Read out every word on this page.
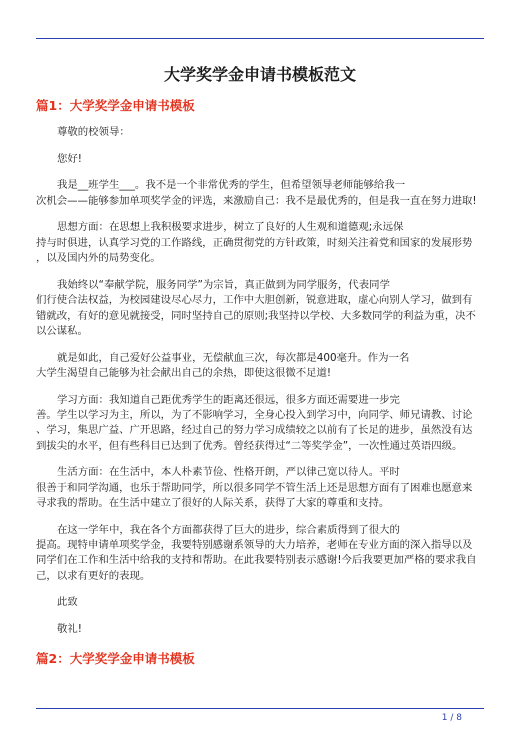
大学奖学金申请书模板范文
篇1：大学奖学金申请书模板
尊敬的校领导：
您好!
我是__班学生___。我不是一个非常优秀的学生，但希望领导老师能够给我一
次机会——能够参加单项奖学金的评选，来激励自己：我不是最优秀的，但是我一直在努力进取!
思想方面：在思想上我积极要求进步，树立了良好的人生观和道德观;永远保
持与时俱进，认真学习党的工作路线，正确贯彻党的方针政策，时刻关注着党和国家的发展形势
，以及国内外的局势变化。
我始终以“奉献学院，服务同学”为宗旨，真正做到为同学服务，代表同学
们行使合法权益，为校园建设尽心尽力，工作中大胆创新，锐意进取，虚心向别人学习，做到有
错就改，有好的意见就接受，同时坚持自己的原则;我坚持以学校、大多数同学的利益为重，决不
以公谋私。
就是如此，自己爱好公益事业，无偿献血三次，每次都是400毫升。作为一名
大学生渴望自己能够为社会献出自己的余热，即使这很微不足道!
学习方面：我知道自己距优秀学生的距离还很远，很多方面还需要进一步完
善。学生以学习为主，所以，为了不影响学习，全身心投入到学习中，向同学、师兄请教、讨论
、学习，集思广益、广开思路，经过自己的努力学习成绩较之以前有了长足的进步，虽然没有达
到拔尖的水平，但有些科目已达到了优秀。曾经获得过“二等奖学金”，一次性通过英语四级。
生活方面：在生活中，本人朴素节俭、性格开朗，严以律己宽以待人。平时
很善于和同学沟通，也乐于帮助同学，所以很多同学不管生活上还是思想方面有了困难也愿意来
寻求我的帮助。在生活中建立了很好的人际关系，获得了大家的尊重和支持。
在这一学年中，我在各个方面都获得了巨大的进步，综合素质得到了很大的
提高。现特申请单项奖学金，我要特别感谢系领导的大力培养，老师在专业方面的深入指导以及
同学们在工作和生活中给我的支持和帮助。在此我要特别表示感谢!今后我要更加严格的要求我自
己，以求有更好的表现。
此致
敬礼!
篇2：大学奖学金申请书模板
1 / 8
